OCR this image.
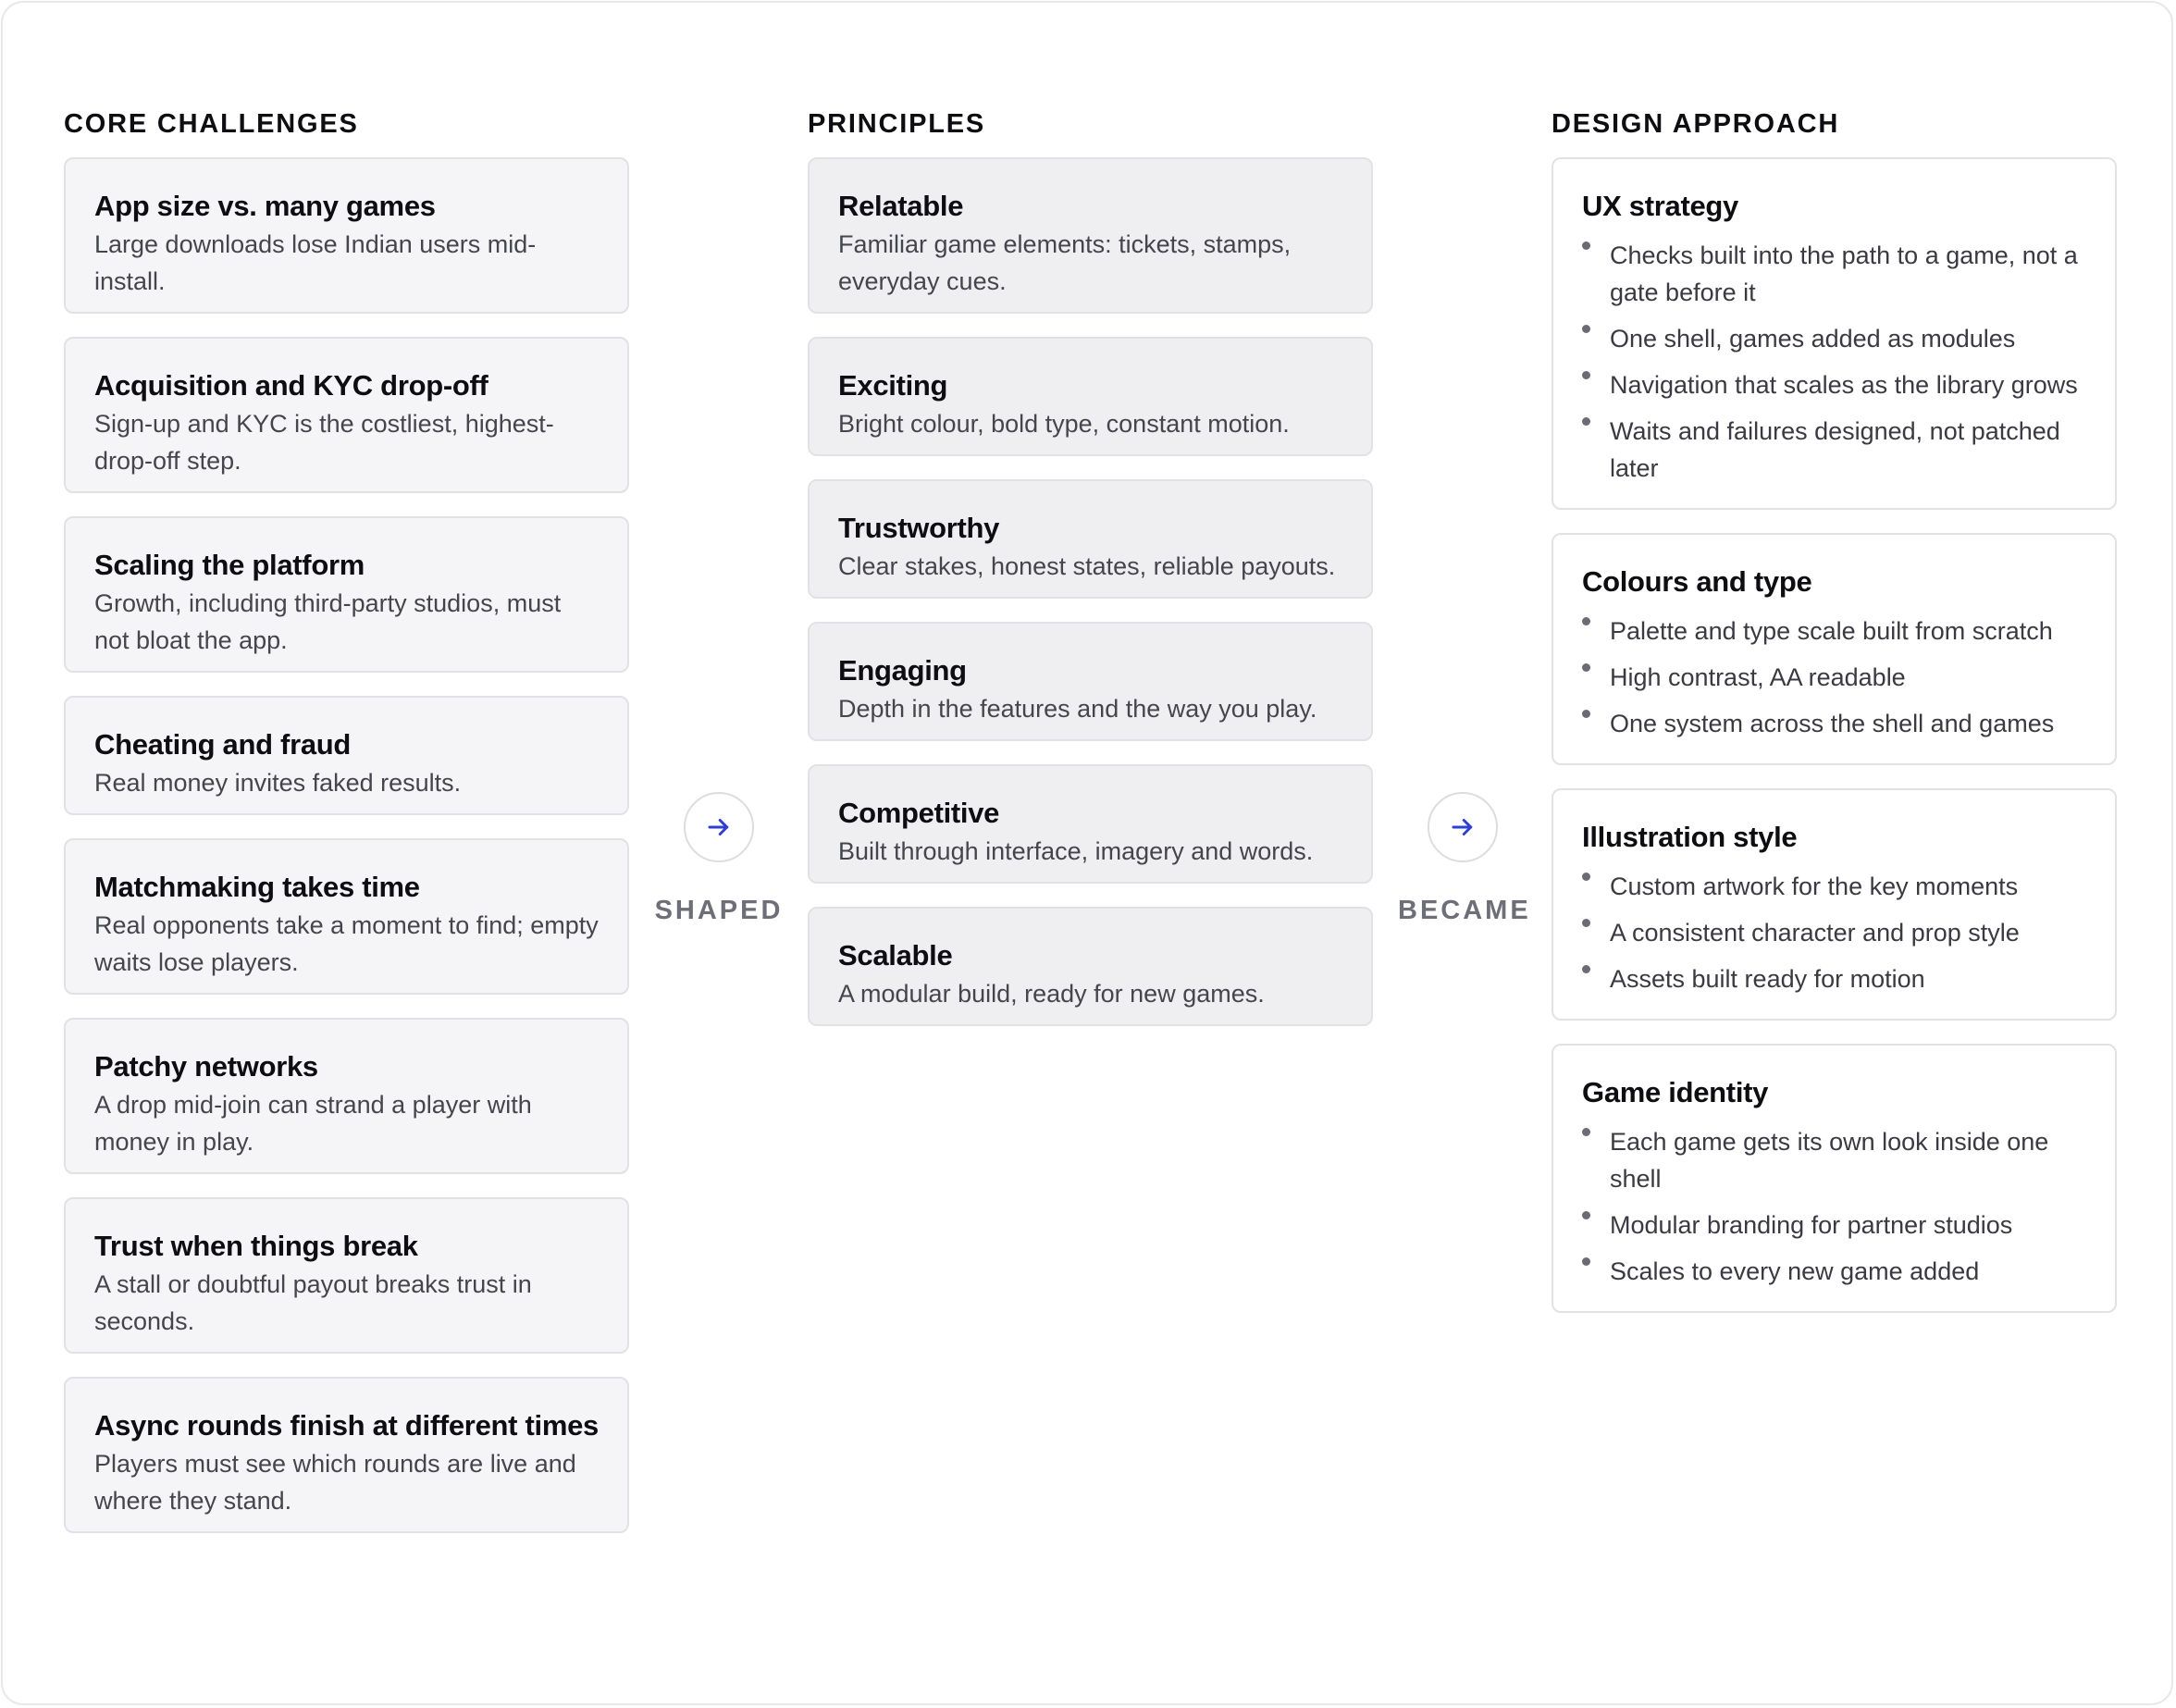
CORE CHALLENGES
App size vs. many games

Large downloads lose Indian users mid-install.

Acquisition and KYC drop-off

Sign-up and KYC is the costliest, highest-drop-off step.

Scaling the platform

Growth, including third-party studios, must not bloat the app.

Cheating and fraud

Real money invites faked results.

Matchmaking takes time

Real opponents take a moment to find; empty waits lose players.

Patchy networks

A drop mid-join can strand a player with money in play.

Trust when things break

A stall or doubtful payout breaks trust in seconds.

Async rounds finish at different times

Players must see which rounds are live and where they stand.

SHAPED
PRINCIPLES
Relatable

Familiar game elements: tickets, stamps, everyday cues.

Exciting

Bright colour, bold type, constant motion.

Trustworthy

Clear stakes, honest states, reliable payouts.

Engaging

Depth in the features and the way you play.

Competitive

Built through interface, imagery and words.

Scalable

A modular build, ready for new games.

BECAME
DESIGN APPROACH
UX strategy
Checks built into the path to a game, not a gate before it
One shell, games added as modules
Navigation that scales as the library grows
Waits and failures designed, not patched later
Colours and type
Palette and type scale built from scratch
High contrast, AA readable
One system across the shell and games
Illustration style
Custom artwork for the key moments
A consistent character and prop style
Assets built ready for motion
Game identity
Each game gets its own look inside one shell
Modular branding for partner studios
Scales to every new game added
